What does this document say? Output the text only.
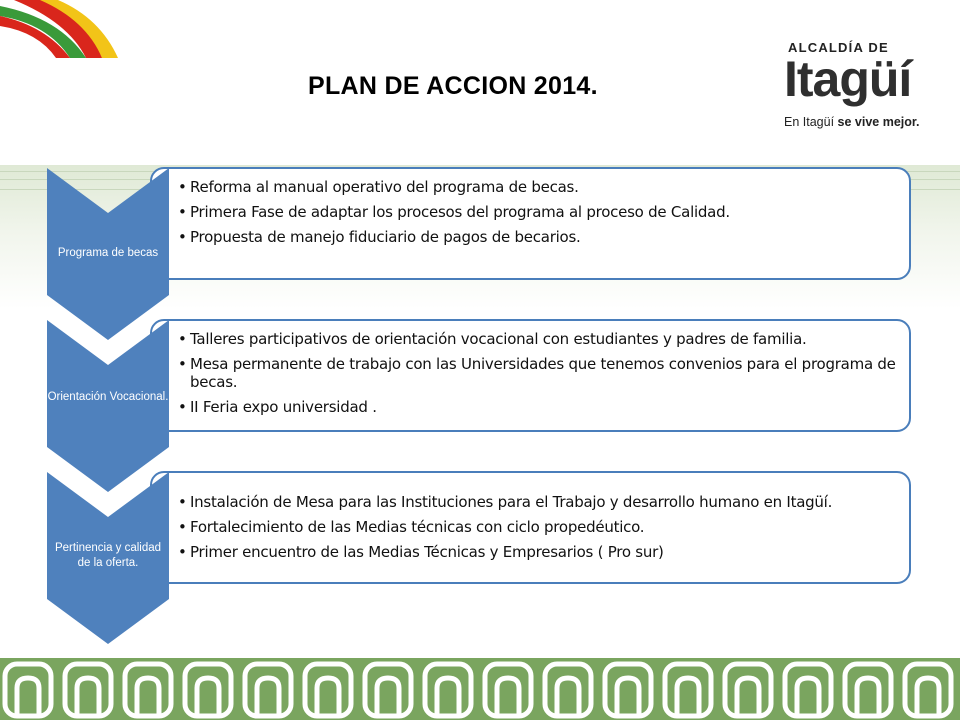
PLAN DE ACCION 2014.
ALCALDÍA DE
Itagüí
En Itagüí se vive mejor.
• Reforma al manual operativo del programa de becas.
• Primera Fase de adaptar los procesos del programa al proceso de Calidad.
• Propuesta de manejo fiduciario de pagos de becarios.
Programa de becas
• Talleres participativos de orientación vocacional con estudiantes y padres de familia.
• Mesa permanente de trabajo con las Universidades que tenemos convenios para el programa de becas.
• II Feria expo universidad .
Orientación Vocacional.
• Instalación de Mesa para las Instituciones para el Trabajo y desarrollo humano en Itagüí.
• Fortalecimiento de las Medias técnicas con ciclo propedéutico.
• Primer encuentro de las Medias Técnicas y Empresarios ( Pro sur)
Pertinencia y calidad de la oferta.
